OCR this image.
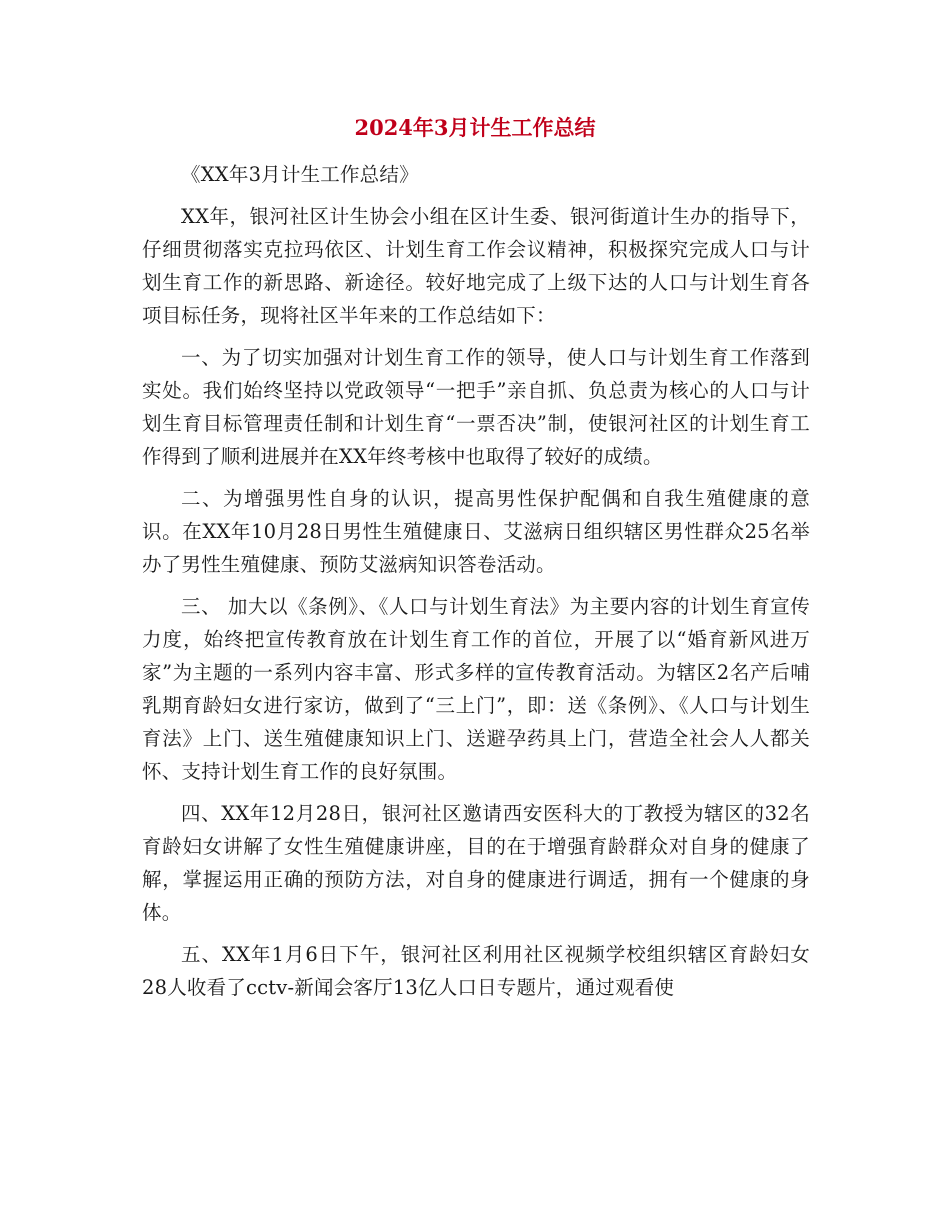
2024年3月计生工作总结

《XX年3月计生工作总结》

XX年，银河社区计生协会小组在区计生委、银河街道计生办的指导下，仔细贯彻落实克拉玛依区、计划生育工作会议精神，积极探究完成人口与计划生育工作的新思路、新途径。较好地完成了上级下达的人口与计划生育各项目标任务，现将社区半年来的工作总结如下：

一、为了切实加强对计划生育工作的领导，使人口与计划生育工作落到实处。我们始终坚持以党政领导“一把手”亲自抓、负总责为核心的人口与计划生育目标管理责任制和计划生育“一票否决”制，使银河社区的计划生育工作得到了顺利进展并在XX年终考核中也取得了较好的成绩。

二、为增强男性自身的认识，提高男性保护配偶和自我生殖健康的意识。在XX年10月28日男性生殖健康日、艾滋病日组织辖区男性群众25名举办了男性生殖健康、预防艾滋病知识答卷活动。

三、 加大以《条例》、《人口与计划生育法》为主要内容的计划生育宣传力度，始终把宣传教育放在计划生育工作的首位，开展了以“婚育新风进万家”为主题的一系列内容丰富、形式多样的宣传教育活动。为辖区2名产后哺乳期育龄妇女进行家访，做到了“三上门”，即：送《条例》、《人口与计划生育法》上门、送生殖健康知识上门、送避孕药具上门，营造全社会人人都关怀、支持计划生育工作的良好氛围。

四、XX年12月28日，银河社区邀请西安医科大的丁教授为辖区的32名育龄妇女讲解了女性生殖健康讲座，目的在于增强育龄群众对自身的健康了解，掌握运用正确的预防方法，对自身的健康进行调适，拥有一个健康的身体。

五、XX年1月6日下午，银河社区利用社区视频学校组织辖区育龄妇女28人收看了cctv-新闻会客厅13亿人口日专题片，通过观看使
